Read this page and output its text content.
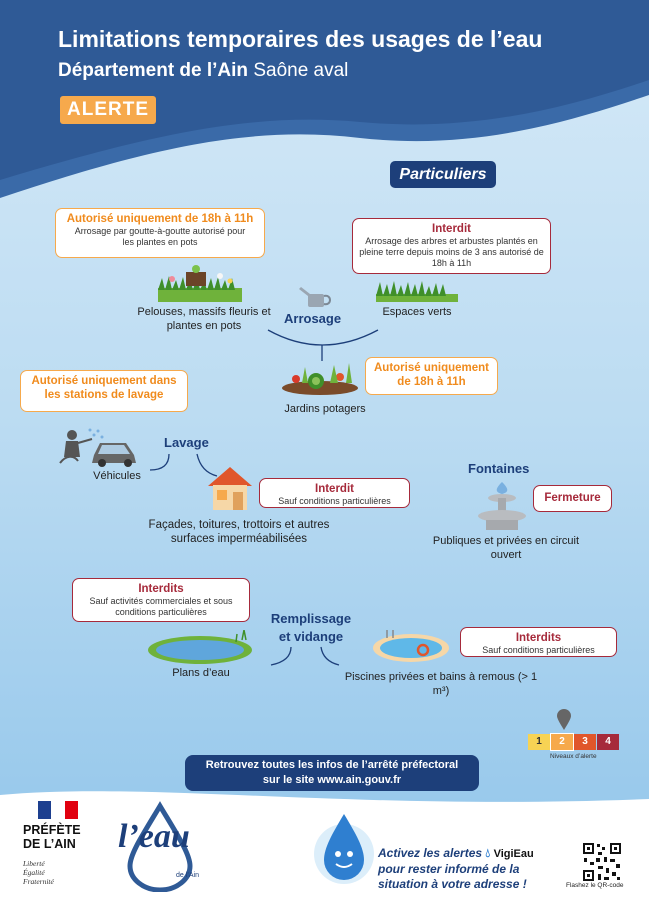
Limitations temporaires des usages de l’eau
Département de l’Ain Saône aval
ALERTE
Particuliers
Autorisé uniquement de 18h à 11h
Arrosage par goutte-à-goutte autorisé pour les plantes en pots
Interdit
Arrosage des arbres et arbustes plantés en pleine terre depuis moins de 3 ans autorisé de 18h à 11h
Pelouses, massifs fleuris et plantes en pots	Arrosage	Espaces verts
Autorisé uniquement de 18h à 11h
Jardins potagers
Autorisé uniquement dans les stations de lavage
Véhicules
Lavage
Interdit
Sauf conditions particulières
Façades, toitures, trottoirs et autres surfaces imperméabilisées
Fontaines
Fermeture
Publiques et privées en circuit ouvert
Interdits
Sauf activités commerciales et sous conditions particulières
Plans d’eau
Remplissage et vidange	Interdits
Sauf conditions particulières
Piscines privées et bains à remous (> 1 m³)
1	2	3	4
Niveaux d’alerte
Retrouvez toutes les infos de l’arrêté préfectoral
sur le site www.ain.gouv.fr
PRÉFÈTE DE L’AIN
Liberté
Égalité
Fraternité
l’eau
de l’Ain
Activez les alertes 💧︎ VigiEau
pour rester informé de la
situation à votre adresse !	Flashez le QR-code
